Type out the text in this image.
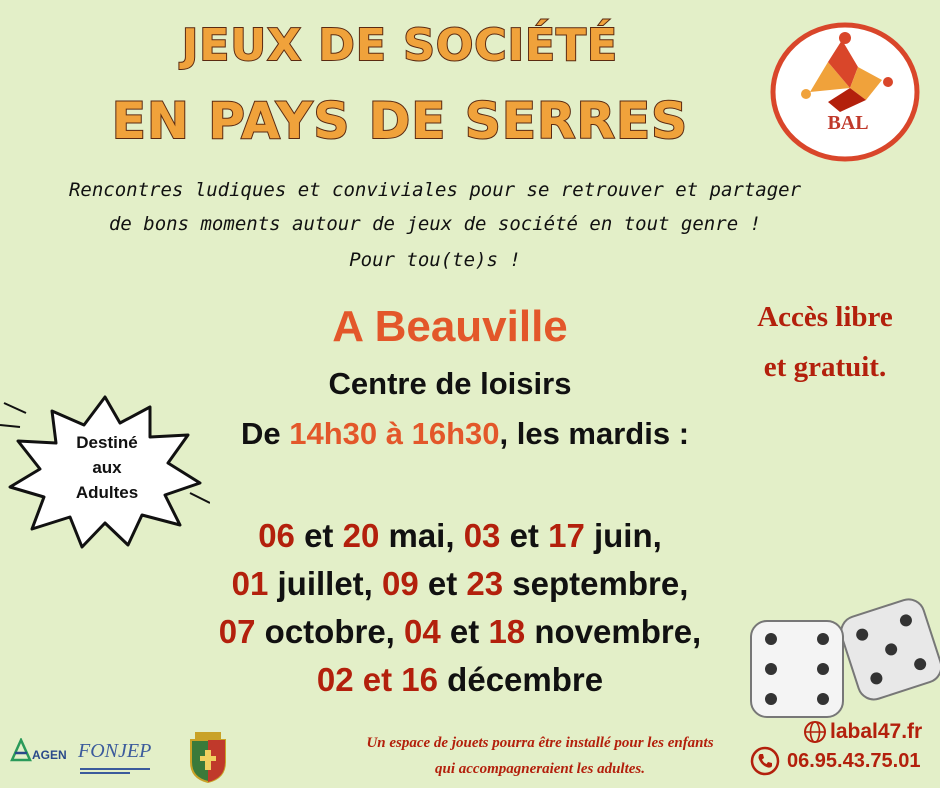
JEUX DE SOCIÉTÉ
EN PAYS DE SERRES	BAL
Rencontres ludiques et conviviales pour se retrouver et partager
de bons moments autour de jeux de société en tout genre !
Pour tou(te)s !
A Beauville
Centre de loisirs
De 14h30 à 16h30, les mardis :
Accès libre
et gratuit.
Destiné
aux
Adultes
06 et 20 mai, 03 et 17 juin,
01 juillet, 09 et 23 septembre,
07 octobre, 04 et 18 novembre,
02 et 16 décembre
Un espace de jouets pourra être installé pour les enfants
qui accompagneraient les adultes.
labal47.fr
06.95.43.75.01
AGEN FONJEP
